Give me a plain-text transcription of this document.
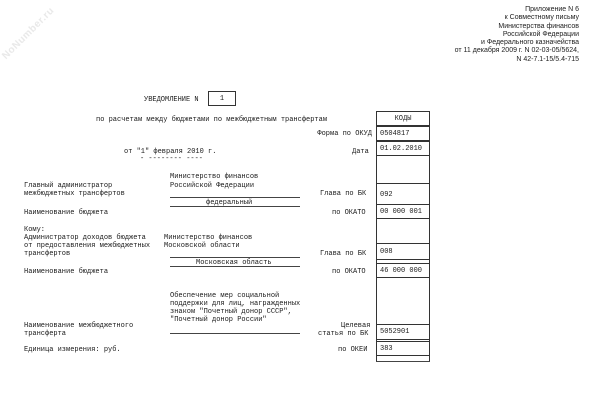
NoNumber.ru	Приложение N 6
к Совместному письму
Министерства финансов
Российской Федерации
и Федерального казначейства
от 11 декабря 2009 г. N 02-03-05/5624,
N 42-7.1-15/5.4-715
УВЕДОМЛЕНИЕ N	1
по расчетам между бюджетами по межбюджетным трансфертам	КОДЫ
Форма по ОКУД	0504817
от "1" февраля 2010 г.
- -------- ----
Дата	01.02.2010
Министерство финансов
Главный администратор	Российской Федерации
межбюджетных трансфертов	Глава по БК	092
федеральный
Наименование бюджета	по ОКАТО	00 000 001
Кому:
Администратор доходов бюджета	Министерство финансов
от предоставления межбюджетных Московской области
трансфертов	Глава по БК	008
Московская область
Наименование бюджета	по ОКАТО	46 000 000
Обеспечение мер социальной
поддержки для лиц, награжденных
знаком "Почетный донор СССР",
"Почетный донор России"
Наименование межбюджетного
трансферта
Целевая
статья по БК	5052901
Единица измерения: руб.	по ОКЕИ	383
